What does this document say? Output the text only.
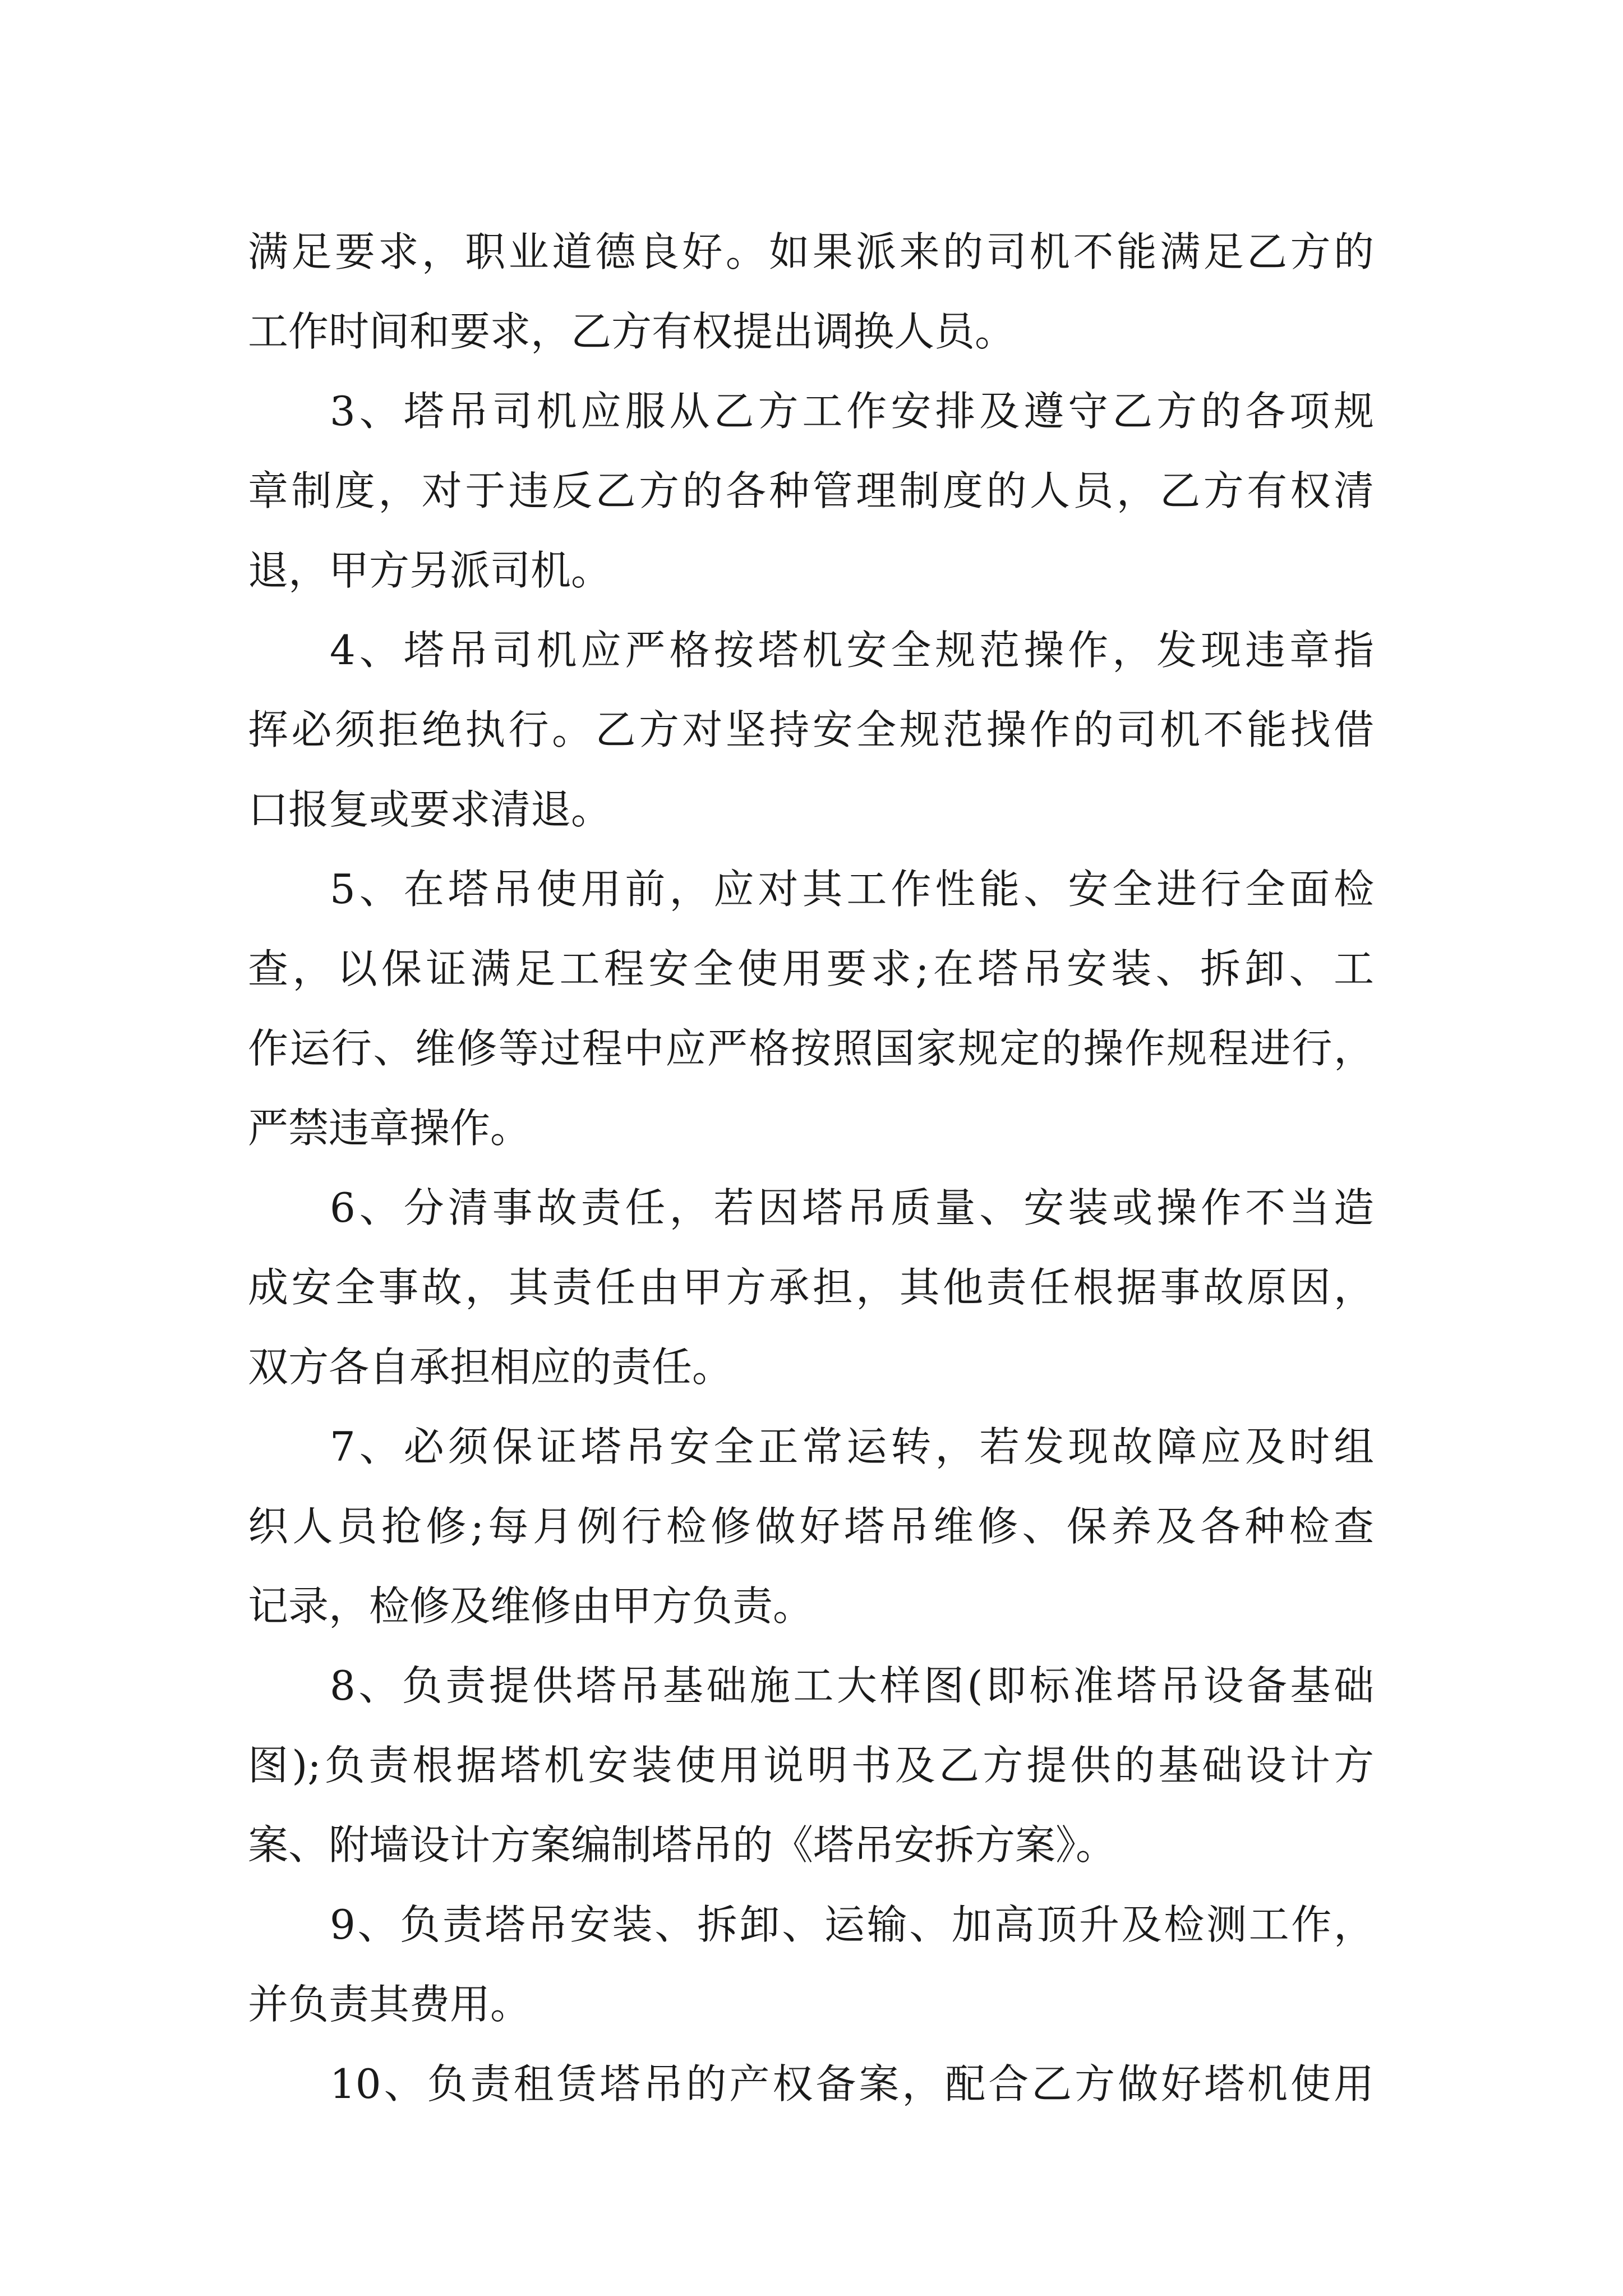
满足要求，职业道德良好。如果派来的司机不能满足乙方的
工作时间和要求，乙方有权提出调换人员。
3、塔吊司机应服从乙方工作安排及遵守乙方的各项规
章制度，对于违反乙方的各种管理制度的人员，乙方有权清
退，甲方另派司机。
4、塔吊司机应严格按塔机安全规范操作，发现违章指
挥必须拒绝执行。乙方对坚持安全规范操作的司机不能找借
口报复或要求清退。
5、在塔吊使用前，应对其工作性能、安全进行全面检
查，以保证满足工程安全使用要求;在塔吊安装、拆卸、工
作运行、维修等过程中应严格按照国家规定的操作规程进行，
严禁违章操作。
6、分清事故责任，若因塔吊质量、安装或操作不当造
成安全事故，其责任由甲方承担，其他责任根据事故原因，
双方各自承担相应的责任。
7、必须保证塔吊安全正常运转，若发现故障应及时组
织人员抢修;每月例行检修做好塔吊维修、保养及各种检查
记录，检修及维修由甲方负责。
8、负责提供塔吊基础施工大样图(即标准塔吊设备基础
图);负责根据塔机安装使用说明书及乙方提供的基础设计方
案、附墙设计方案编制塔吊的《塔吊安拆方案》。
9、负责塔吊安装、拆卸、运输、加高顶升及检测工作，
并负责其费用。
10、负责租赁塔吊的产权备案，配合乙方做好塔机使用
